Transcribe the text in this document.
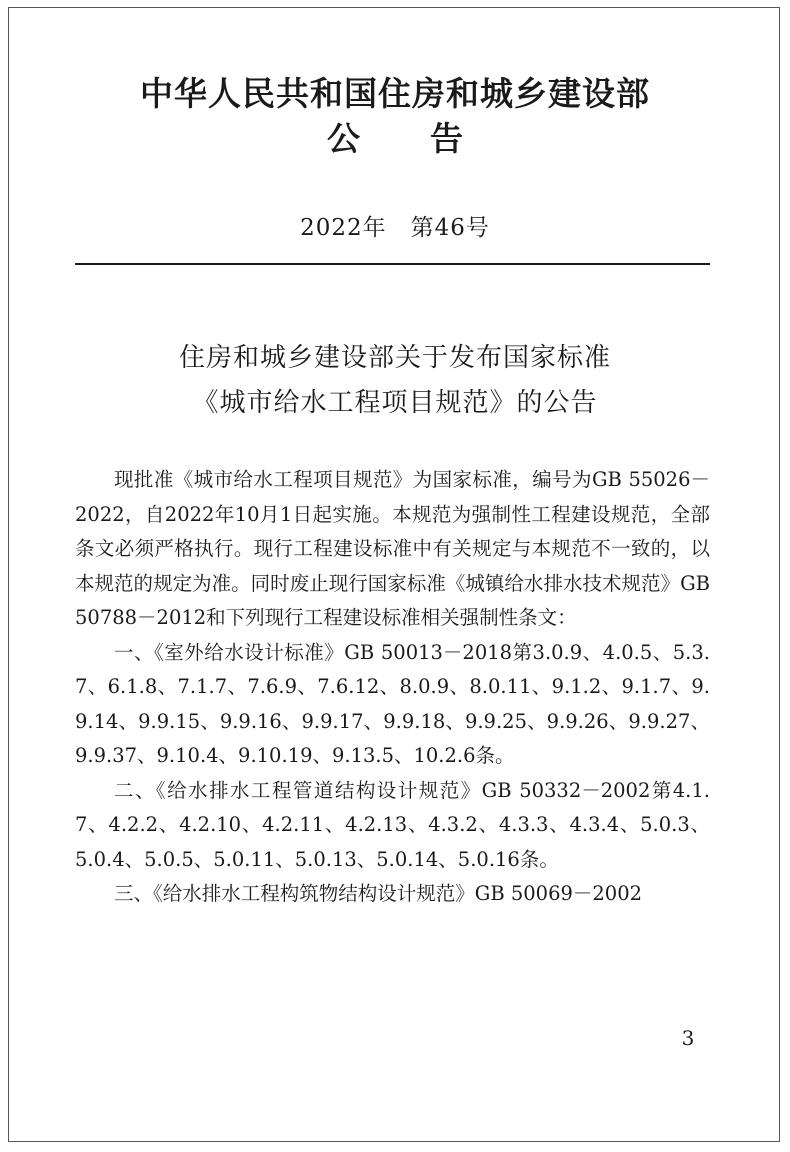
中华人民共和国住房和城乡建设部
公 告
2022年 第46号
住房和城乡建设部关于发布国家标准
《城市给水工程项目规范》的公告

现批准《城市给水工程项目规范》为国家标准，编号为GB 55026－2022，自2022年10月1日起实施。本规范为强制性工程建设规范，全部条文必须严格执行。现行工程建设标准中有关规定与本规范不一致的，以本规范的规定为准。同时废止现行国家标准《城镇给水排水技术规范》GB 50788－2012和下列现行工程建设标准相关强制性条文：

一、《室外给水设计标准》GB 50013－2018第3.0.9、4.0.5、5.3.7、6.1.8、7.1.7、7.6.9、7.6.12、8.0.9、8.0.11、9.1.2、9.1.7、9.9.14、9.9.15、9.9.16、9.9.17、9.9.18、9.9.25、9.9.26、9.9.27、9.9.37、9.10.4、9.10.19、9.13.5、10.2.6条。

二、《给水排水工程管道结构设计规范》GB 50332－2002第4.1.7、4.2.2、4.2.10、4.2.11、4.2.13、4.3.2、4.3.3、4.3.4、5.0.3、5.0.4、5.0.5、5.0.11、5.0.13、5.0.14、5.0.16条。

三、《给水排水工程构筑物结构设计规范》GB 50069－2002

3
